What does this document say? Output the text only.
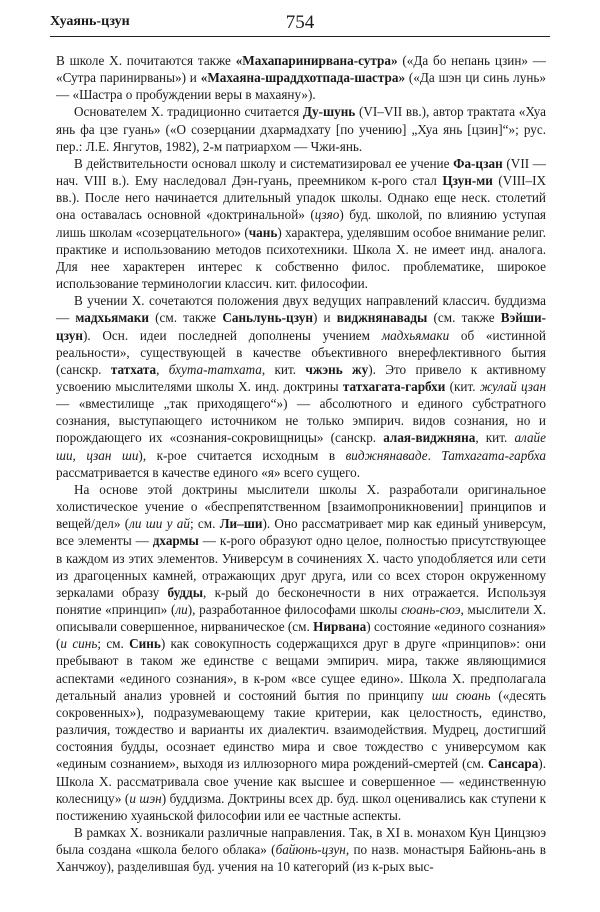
Хуаянь-цзун	754

В школе Х. почитаются также «Махапаринирвана-сутра» («Да бо непань цзин» — «Сутра паринирваны») и «Махаяна-шраддхотпада-шастра» («Да шэн ци синь лунь» — «Шастра о пробуждении веры в махаяну»).

Основателем Х. традиционно считается Ду-шунь (VI–VII вв.), автор трактата «Хуа янь фа цзе гуань» («О созерцании дхармадхату [по учению] „Хуа янь [цзин]“»; рус. пер.: Л.Е. Янгутов, 1982), 2-м патриархом — Чжи-янь.

В действительности основал школу и систематизировал ее учение Фа-цзан (VII — нач. VIII в.). Ему наследовал Дэн-гуань, преемником к-рого стал Цзун-ми (VIII–IX вв.). После него начинается длительный упадок школы. Однако еще неск. столетий она оставалась основной «доктринальной» (цзяо) буд. школой, по влиянию уступая лишь школам «созерцательного» (чань) характера, уделявшим особое внимание религ. практике и использованию методов психотехники. Школа Х. не имеет инд. аналога. Для нее характерен интерес к собственно филос. проблематике, широкое использование терминологии классич. кит. философии.

В учении Х. сочетаются положения двух ведущих направлений классич. буддизма — мадхьямаки (см. также Саньлунь-цзун) и виджнянавады (см. также Вэйши-цзун). Осн. идеи последней дополнены учением мадхьямаки об «истинной реальности», существующей в качестве объективного внерефлективного бытия (санскр. татхата, бхута-татхата, кит. чжэнь жу). Это привело к активному усвоению мыслителями школы Х. инд. доктрины татхагата-гарбхи (кит. жулай цзан — «вместилище „так приходящего“») — абсолютного и единого субстратного сознания, выступающего источником не только эмпирич. видов сознания, но и порождающего их «сознания-сокровищницы» (санскр. алая-виджняна, кит. алайе ши, цзан ши), к-рое считается исходным в виджнянаваде. Татхагата-гарбха рассматривается в качестве единого «я» всего сущего.

На основе этой доктрины мыслители школы Х. разработали оригинальное холистическое учение о «беспрепятственном [взаимопроникновении] принципов и вещей/дел» (ли ши у ай; см. Ли–ши). Оно рассматривает мир как единый универсум, все элементы — дхармы — к-рого образуют одно целое, полностью присутствующее в каждом из этих элементов. Универсум в сочинениях Х. часто уподобляется или сети из драгоценных камней, отражающих друг друга, или со всех сторон окруженному зеркалами образу будды, к-рый до бесконечности в них отражается. Используя понятие «принцип» (ли), разработанное философами школы сюань-сюэ, мыслители Х. описывали совершенное, нирваническое (см. Нирвана) состояние «единого сознания» (и синь; см. Синь) как совокупность содержащихся друг в друге «принципов»: они пребывают в таком же единстве с вещами эмпирич. мира, также являющимися аспектами «единого сознания», в к-ром «все сущее едино». Школа Х. предполагала детальный анализ уровней и состояний бытия по принципу ши сюань («десять сокровенных»), подразумевающему такие критерии, как целостность, единство, различия, тождество и варианты их диалектич. взаимодействия. Мудрец, достигший состояния будды, осознает единство мира и свое тождество с универсумом как «единым сознанием», выходя из иллюзорного мира рождений-смертей (см. Сансара). Школа Х. рассматривала свое учение как высшее и совершенное — «единственную колесницу» (и шэн) буддизма. Доктрины всех др. буд. школ оценивались как ступени к постижению хуаяньской философии или ее частные аспекты.

В рамках Х. возникали различные направления. Так, в XI в. монахом Кун Цинцзюэ была создана «школа белого облака» (байюнь-цзун, по назв. монастыря Байюнь-ань в Ханчжоу), разделившая буд. учения на 10 категорий (из к-рых выс-
